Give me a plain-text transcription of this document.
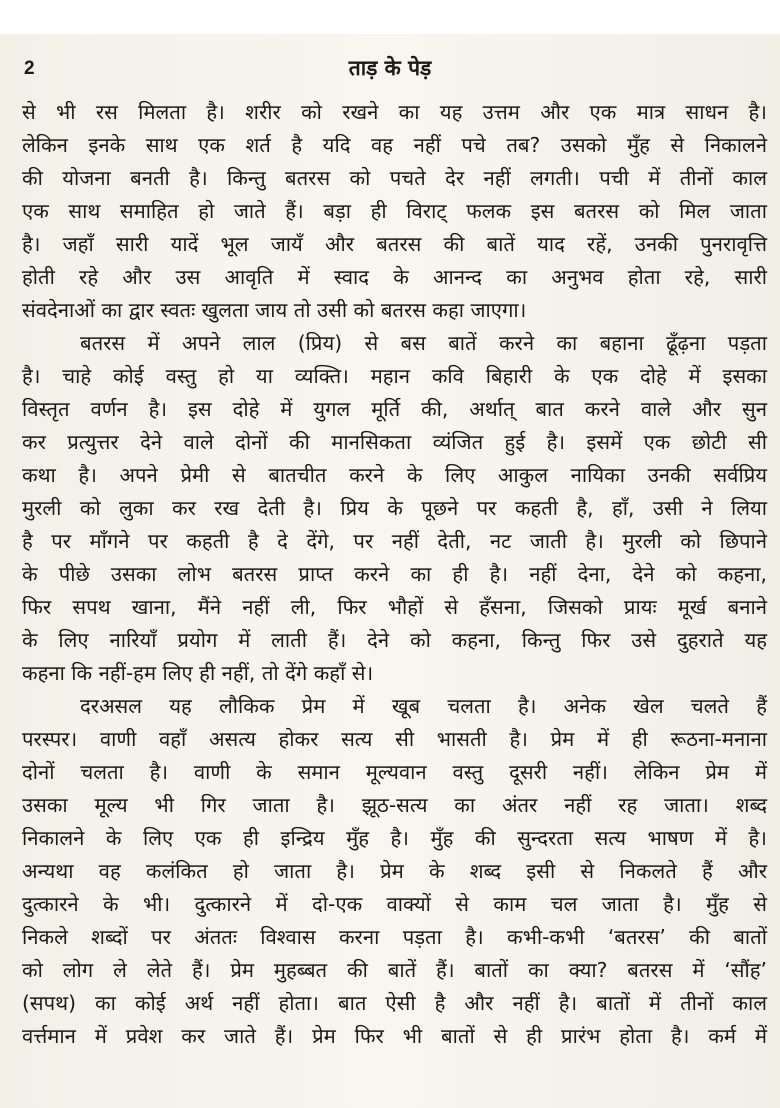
2	ताड़ के पेड़
से भी रस मिलता है। शरीर को रखने का यह उत्तम और एक मात्र साधन है।
लेकिन इनके साथ एक शर्त है यदि वह नहीं पचे तब? उसको मुँह से निकालने
की योजना बनती है। किन्तु बतरस को पचते देर नहीं लगती। पची में तीनों काल
एक साथ समाहित हो जाते हैं। बड़ा ही विराट् फलक इस बतरस को मिल जाता
है। जहाँ सारी यादें भूल जायँ और बतरस की बातें याद रहें, उनकी पुनरावृत्ति
होती रहे और उस आवृति में स्वाद के आनन्द का अनुभव होता रहे, सारी
संवदेनाओं का द्वार स्वतः खुलता जाय तो उसी को बतरस कहा जाएगा।
बतरस में अपने लाल (प्रिय) से बस बातें करने का बहाना ढूँढ़ना पड़ता
है। चाहे कोई वस्तु हो या व्यक्ति। महान कवि बिहारी के एक दोहे में इसका
विस्तृत वर्णन है। इस दोहे में युगल मूर्ति की, अर्थात् बात करने वाले और सुन
कर प्रत्युत्तर देने वाले दोनों की मानसिकता व्यंजित हुई है। इसमें एक छोटी सी
कथा है। अपने प्रेमी से बातचीत करने के लिए आकुल नायिका उनकी सर्वप्रिय
मुरली को लुका कर रख देती है। प्रिय के पूछने पर कहती है, हाँ, उसी ने लिया
है पर माँगने पर कहती है दे देंगे, पर नहीं देती, नट जाती है। मुरली को छिपाने
के पीछे उसका लोभ बतरस प्राप्त करने का ही है। नहीं देना, देने को कहना,
फिर सपथ खाना, मैंने नहीं ली, फिर भौहों से हँसना, जिसको प्रायः मूर्ख बनाने
के लिए नारियाँ प्रयोग में लाती हैं। देने को कहना, किन्तु फिर उसे दुहराते यह
कहना कि नहीं-हम लिए ही नहीं, तो देंगे कहाँ से।
दरअसल यह लौकिक प्रेम में खूब चलता है। अनेक खेल चलते हैं
परस्पर। वाणी वहाँ असत्य होकर सत्य सी भासती है। प्रेम में ही रूठना-मनाना
दोनों चलता है। वाणी के समान मूल्यवान वस्तु दूसरी नहीं। लेकिन प्रेम में
उसका मूल्य भी गिर जाता है। झूठ-सत्य का अंतर नहीं रह जाता। शब्द
निकालने के लिए एक ही इन्द्रिय मुँह है। मुँह की सुन्दरता सत्य भाषण में है।
अन्यथा वह कलंकित हो जाता है। प्रेम के शब्द इसी से निकलते हैं और
दुत्कारने के भी। दुत्कारने में दो-एक वाक्यों से काम चल जाता है। मुँह से
निकले शब्दों पर अंततः विश्वास करना पड़ता है। कभी-कभी ‘बतरस’ की बातों
को लोग ले लेते हैं। प्रेम मुहब्बत की बातें हैं। बातों का क्या? बतरस में ‘सौंह’
(सपथ) का कोई अर्थ नहीं होता। बात ऐसी है और नहीं है। बातों में तीनों काल
वर्त्तमान में प्रवेश कर जाते हैं। प्रेम फिर भी बातों से ही प्रारंभ होता है। कर्म में
